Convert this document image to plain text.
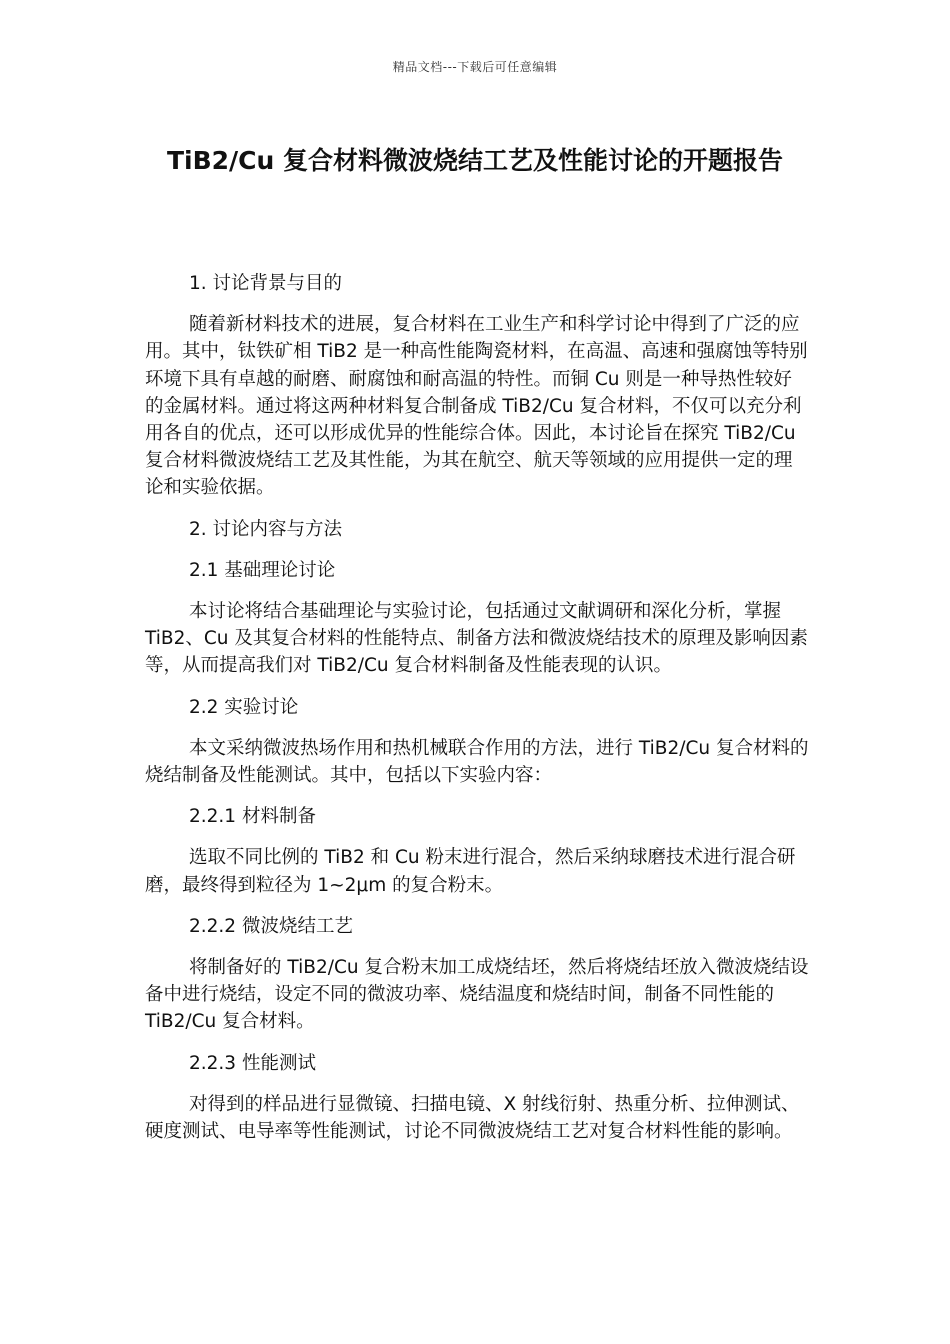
精品文档---下载后可任意编辑
TiB2/Cu 复合材料微波烧结工艺及性能讨论的开题报告

1. 讨论背景与目的

随着新材料技术的进展，复合材料在工业生产和科学讨论中得到了广泛的应用。其中，钛铁矿相 TiB2 是一种高性能陶瓷材料，在高温、高速和强腐蚀等特别环境下具有卓越的耐磨、耐腐蚀和耐高温的特性。而铜 Cu 则是一种导热性较好的金属材料。通过将这两种材料复合制备成 TiB2/Cu 复合材料，不仅可以充分利用各自的优点，还可以形成优异的性能综合体。因此，本讨论旨在探究 TiB2/Cu 复合材料微波烧结工艺及其性能，为其在航空、航天等领域的应用提供一定的理论和实验依据。

2. 讨论内容与方法

2.1 基础理论讨论

本讨论将结合基础理论与实验讨论，包括通过文献调研和深化分析，掌握 TiB2、Cu 及其复合材料的性能特点、制备方法和微波烧结技术的原理及影响因素等，从而提高我们对 TiB2/Cu 复合材料制备及性能表现的认识。

2.2 实验讨论

本文采纳微波热场作用和热机械联合作用的方法，进行 TiB2/Cu 复合材料的烧结制备及性能测试。其中，包括以下实验内容：

2.2.1 材料制备

选取不同比例的 TiB2 和 Cu 粉末进行混合，然后采纳球磨技术进行混合研磨，最终得到粒径为 1~2μm 的复合粉末。

2.2.2 微波烧结工艺

将制备好的 TiB2/Cu 复合粉末加工成烧结坯，然后将烧结坯放入微波烧结设备中进行烧结，设定不同的微波功率、烧结温度和烧结时间，制备不同性能的 TiB2/Cu 复合材料。

2.2.3 性能测试

对得到的样品进行显微镜、扫描电镜、X 射线衍射、热重分析、拉伸测试、硬度测试、电导率等性能测试，讨论不同微波烧结工艺对复合材料性能的影响。
